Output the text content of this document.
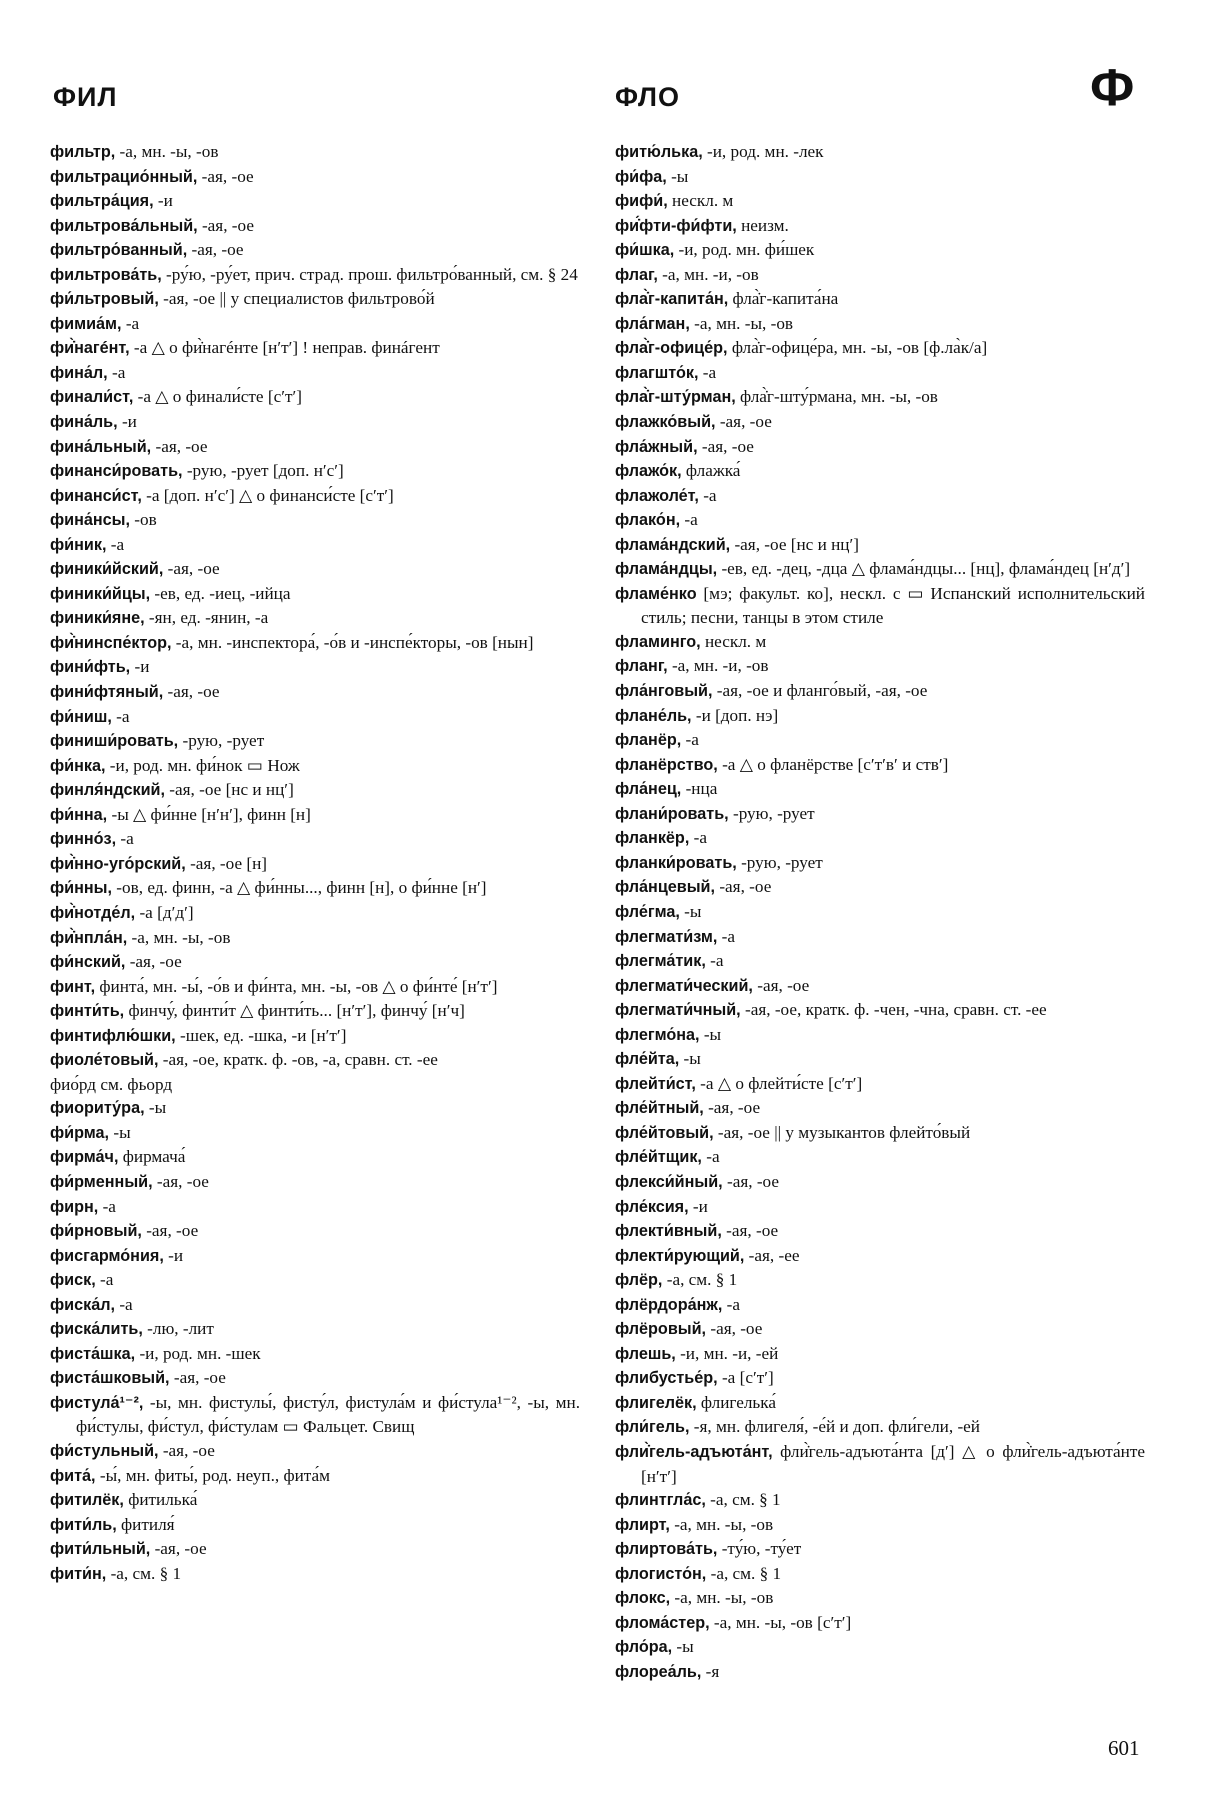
ФИЛ	ФЛО	Ф

фильтр, -а, мн. -ы, -ов

фильтрацио́нный, -ая, -ое

фильтра́ция, -и

фильтрова́льный, -ая, -ое

фильтро́ванный, -ая, -ое

фильтрова́ть, -ру́ю, -ру́ет, прич. страд. прош. фильтро́ванный, см. § 24

фи́льтровый, -ая, -ое || у специалистов фильтрово́й

фимиа́м, -а

фи̇̀нагéнт, -а △ о фи̇̀нагéнте [нʹтʹ] ! неправ. финáгент

фина́л, -а

финали́ст, -а △ о финали́сте [сʹтʹ]

фина́ль, -и

фина́льный, -ая, -ое

финанси́ровать, -рую, -рует [доп. нʹсʹ]

финанси́ст, -а [доп. нʹсʹ] △ о финанси́сте [сʹтʹ]

фина́нсы, -ов

фи́ник, -а

финики́йский, -ая, -ое

финики́йцы, -ев, ед. -иец, -ийца

финики́яне, -ян, ед. -янин, -а

фи̇̀нинспе́ктор, -а, мн. -инспектора́, -о́в и -инспе́кторы, -ов [нын]

фини́фть, -и

фини́фтяный, -ая, -ое

фи́ниш, -а

финиши́ровать, -рую, -рует

фи́нка, -и, род. мн. фи́нок ▭ Нож

финля́ндский, -ая, -ое [нс и нцʹ]

фи́нна, -ы △ фи́нне [нʹнʹ], финн [н]

финно́з, -а

фи̇̀нно-уго́рский, -ая, -ое [н]

фи́нны, -ов, ед. финн, -а △ фи́нны..., финн [н], о фи́нне [нʹ]

фи̇̀нотде́л, -а [дʹдʹ]

фи̇̀нпла́н, -а, мн. -ы, -ов

фи́нский, -ая, -ое

финт, финта́, мн. -ы́, -о́в и фи́нта, мн. -ы, -ов △ о фи́нте́ [нʹтʹ]

финти́ть, финчу́, финти́т △ финти́ть... [нʹтʹ], финчу́ [нʹч]

финтифлю́шки, -шек, ед. -шка, -и [нʹтʹ]

фиоле́товый, -ая, -ое, кратк. ф. -ов, -а, сравн. ст. -ее

фио́рд см. фьорд

фиориту́ра, -ы

фи́рма, -ы

фирма́ч, фирмача́

фи́рменный, -ая, -ое

фирн, -а

фи́рновый, -ая, -ое

фисгармо́ния, -и

фиск, -а

фиска́л, -а

фиска́лить, -лю, -лит

фиста́шка, -и, род. мн. -шек

фиста́шковый, -ая, -ое

фистула́¹⁻², -ы, мн. фистулы́, фисту́л, фистула́м и фи́стула¹⁻², -ы, мн. фи́стулы, фи́стул, фи́стулам ▭ Фальцет. Свищ

фи́стульный, -ая, -ое

фита́, -ы́, мн. фиты́, род. неуп., фита́м

фитилёк, фитилька́

фити́ль, фитиля́

фити́льный, -ая, -ое

фити́н, -а, см. § 1

фитю́лька, -и, род. мн. -лек

фи́фа, -ы

фифи́, нескл. м

фи̇́фти-фи́фти, неизм.

фи́шка, -и, род. мн. фи́шек

флаг, -а, мн. -и, -ов

фла̇̀г-капита́н, фла̇̀г-капита́на

фла́гман, -а, мн. -ы, -ов

фла̇̀г-офице́р, фла̇̀г-офице́ра, мн. -ы, -ов [ф.ла̀к/а]

флагшто́к, -а

фла̇̀г-шту́рман, фла̇̀г-шту́рмана, мн. -ы, -ов

флажко́вый, -ая, -ое

фла́жный, -ая, -ое

флажо́к, флажка́

флажоле́т, -а

флако́н, -а

флама́ндский, -ая, -ое [нс и нцʹ]

флама́ндцы, -ев, ед. -дец, -дца △ флама́ндцы... [нц], флама́ндец [нʹдʹ]

фламе́нко [мэ; факульт. ко], нескл. с ▭ Испанский исполнительский стиль; песни, танцы в этом стиле

фламинго, нескл. м

фланг, -а, мн. -и, -ов

фла́нговый, -ая, -ое и фланго́вый, -ая, -ое

флане́ль, -и [доп. нэ]

фланёр, -а

фланёрство, -а △ о фланёрстве [сʹтʹвʹ и ствʹ]

фла́нец, -нца

флани́ровать, -рую, -рует

фланкёр, -а

фланки́ровать, -рую, -рует

фла́нцевый, -ая, -ое

фле́гма, -ы

флегмати́зм, -а

флегма́тик, -а

флегмати́ческий, -ая, -ое

флегмати́чный, -ая, -ое, кратк. ф. -чен, -чна, сравн. ст. -ее

флегмо́на, -ы

фле́йта, -ы

флейти́ст, -а △ о флейти́сте [сʹтʹ]

фле́йтный, -ая, -ое

фле́йтовый, -ая, -ое || у музыкантов флейто́вый

фле́йтщик, -а

флекси́йный, -ая, -ое

фле́ксия, -и

флекти́вный, -ая, -ое

флекти́рующий, -ая, -ее

флёр, -а, см. § 1

флёрдора́нж, -а

флёровый, -ая, -ое

флешь, -и, мн. -и, -ей

флибустье́р, -а [сʹтʹ]

флигелёк, флигелька́

фли́гель, -я, мн. флигеля́, -е́й и доп. фли́гели, -ей

фли̇̀гель-адъюта́нт, фли̇̀гель-адъюта́нта [дʹ] △ о фли̇̀гель-адъюта́нте [нʹтʹ]

флинтгла́с, -а, см. § 1

флирт, -а, мн. -ы, -ов

флиртова́ть, -ту́ю, -ту́ет

флогисто́н, -а, см. § 1

флокс, -а, мн. -ы, -ов

флома́стер, -а, мн. -ы, -ов [сʹтʹ]

фло́ра, -ы

флореа́ль, -я

601
